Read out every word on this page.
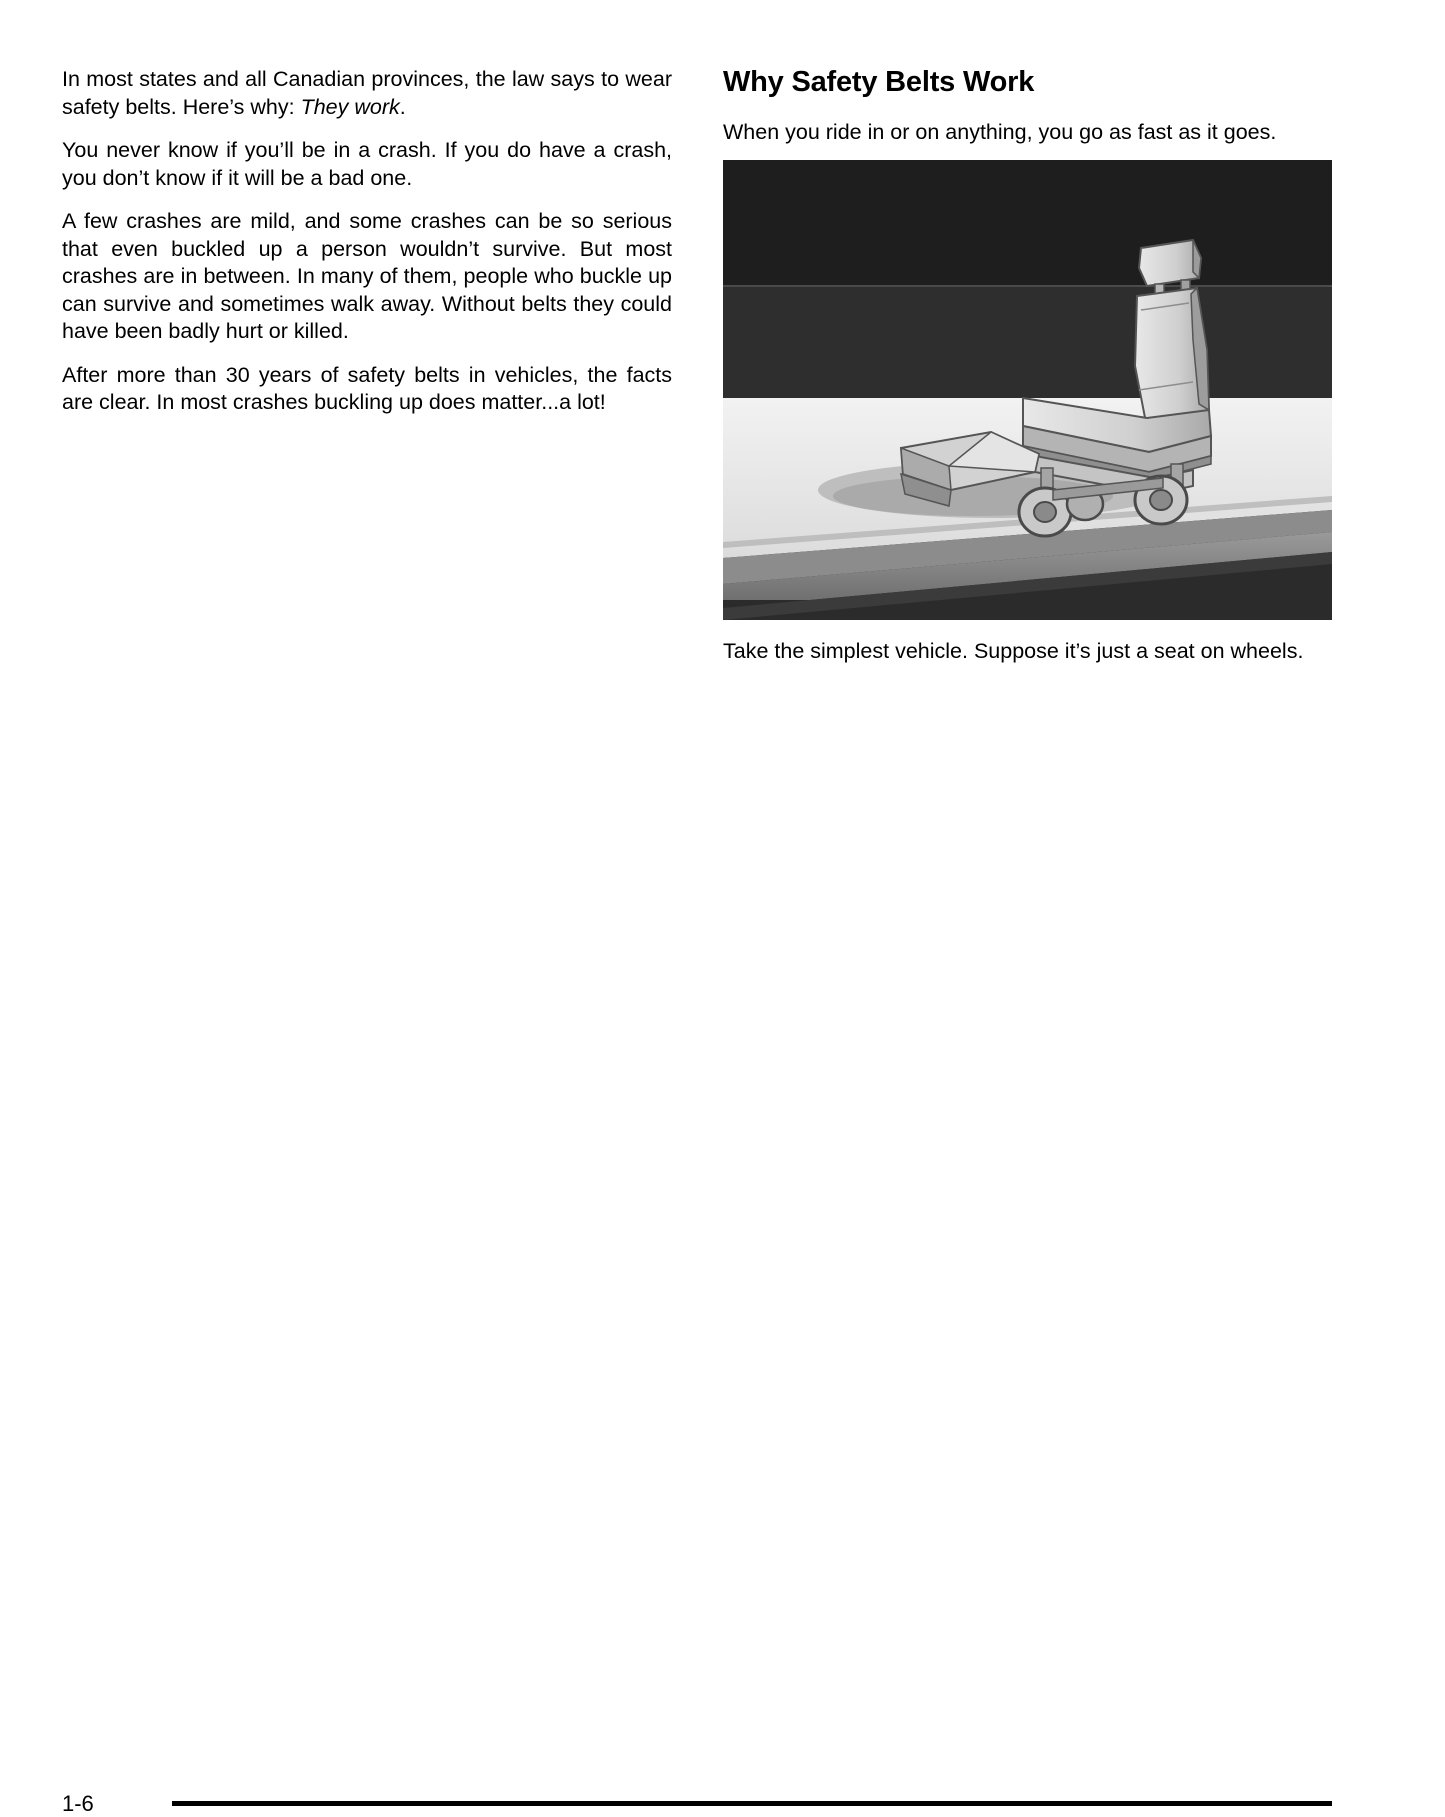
In most states and all Canadian provinces, the law says to wear safety belts. Here’s why: They work.

You never know if you’ll be in a crash. If you do have a crash, you don’t know if it will be a bad one.

A few crashes are mild, and some crashes can be so serious that even buckled up a person wouldn’t survive. But most crashes are in between. In many of them, people who buckle up can survive and sometimes walk away. Without belts they could have been badly hurt or killed.

After more than 30 years of safety belts in vehicles, the facts are clear. In most crashes buckling up does matter...a lot!

Why Safety Belts Work

When you ride in or on anything, you go as fast as it goes.

Take the simplest vehicle. Suppose it’s just a seat on wheels.

1-6
